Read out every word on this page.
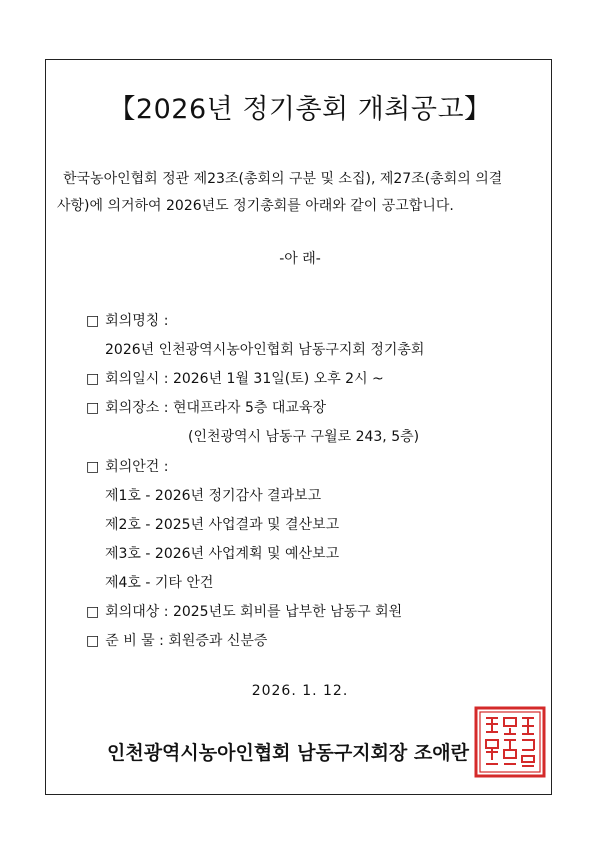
【2026년 정기총회 개최공고】

한국농아인협회 정관 제23조(총회의 구분 및 소집), 제27조(총회의 의결

사항)에 의거하여 2026년도 정기총회를 아래와 같이 공고합니다.

-아 래-
□ 회의명칭 :
2026년 인천광역시농아인협회 남동구지회 정기총회
□ 회의일시 : 2026년 1월 31일(토) 오후 2시 ~
□ 회의장소 : 현대프라자 5층 대교육장
(인천광역시 남동구 구월로 243, 5층)
□ 회의안건 :
제1호 - 2026년 정기감사 결과보고
제2호 - 2025년 사업결과 및 결산보고
제3호 - 2026년 사업계획 및 예산보고
제4호 - 기타 안건
□ 회의대상 : 2025년도 회비를 납부한 남동구 회원
□ 준 비 물 : 회원증과 신분증
2026. 1. 12.
인천광역시농아인협회 남동구지회장 조애란
